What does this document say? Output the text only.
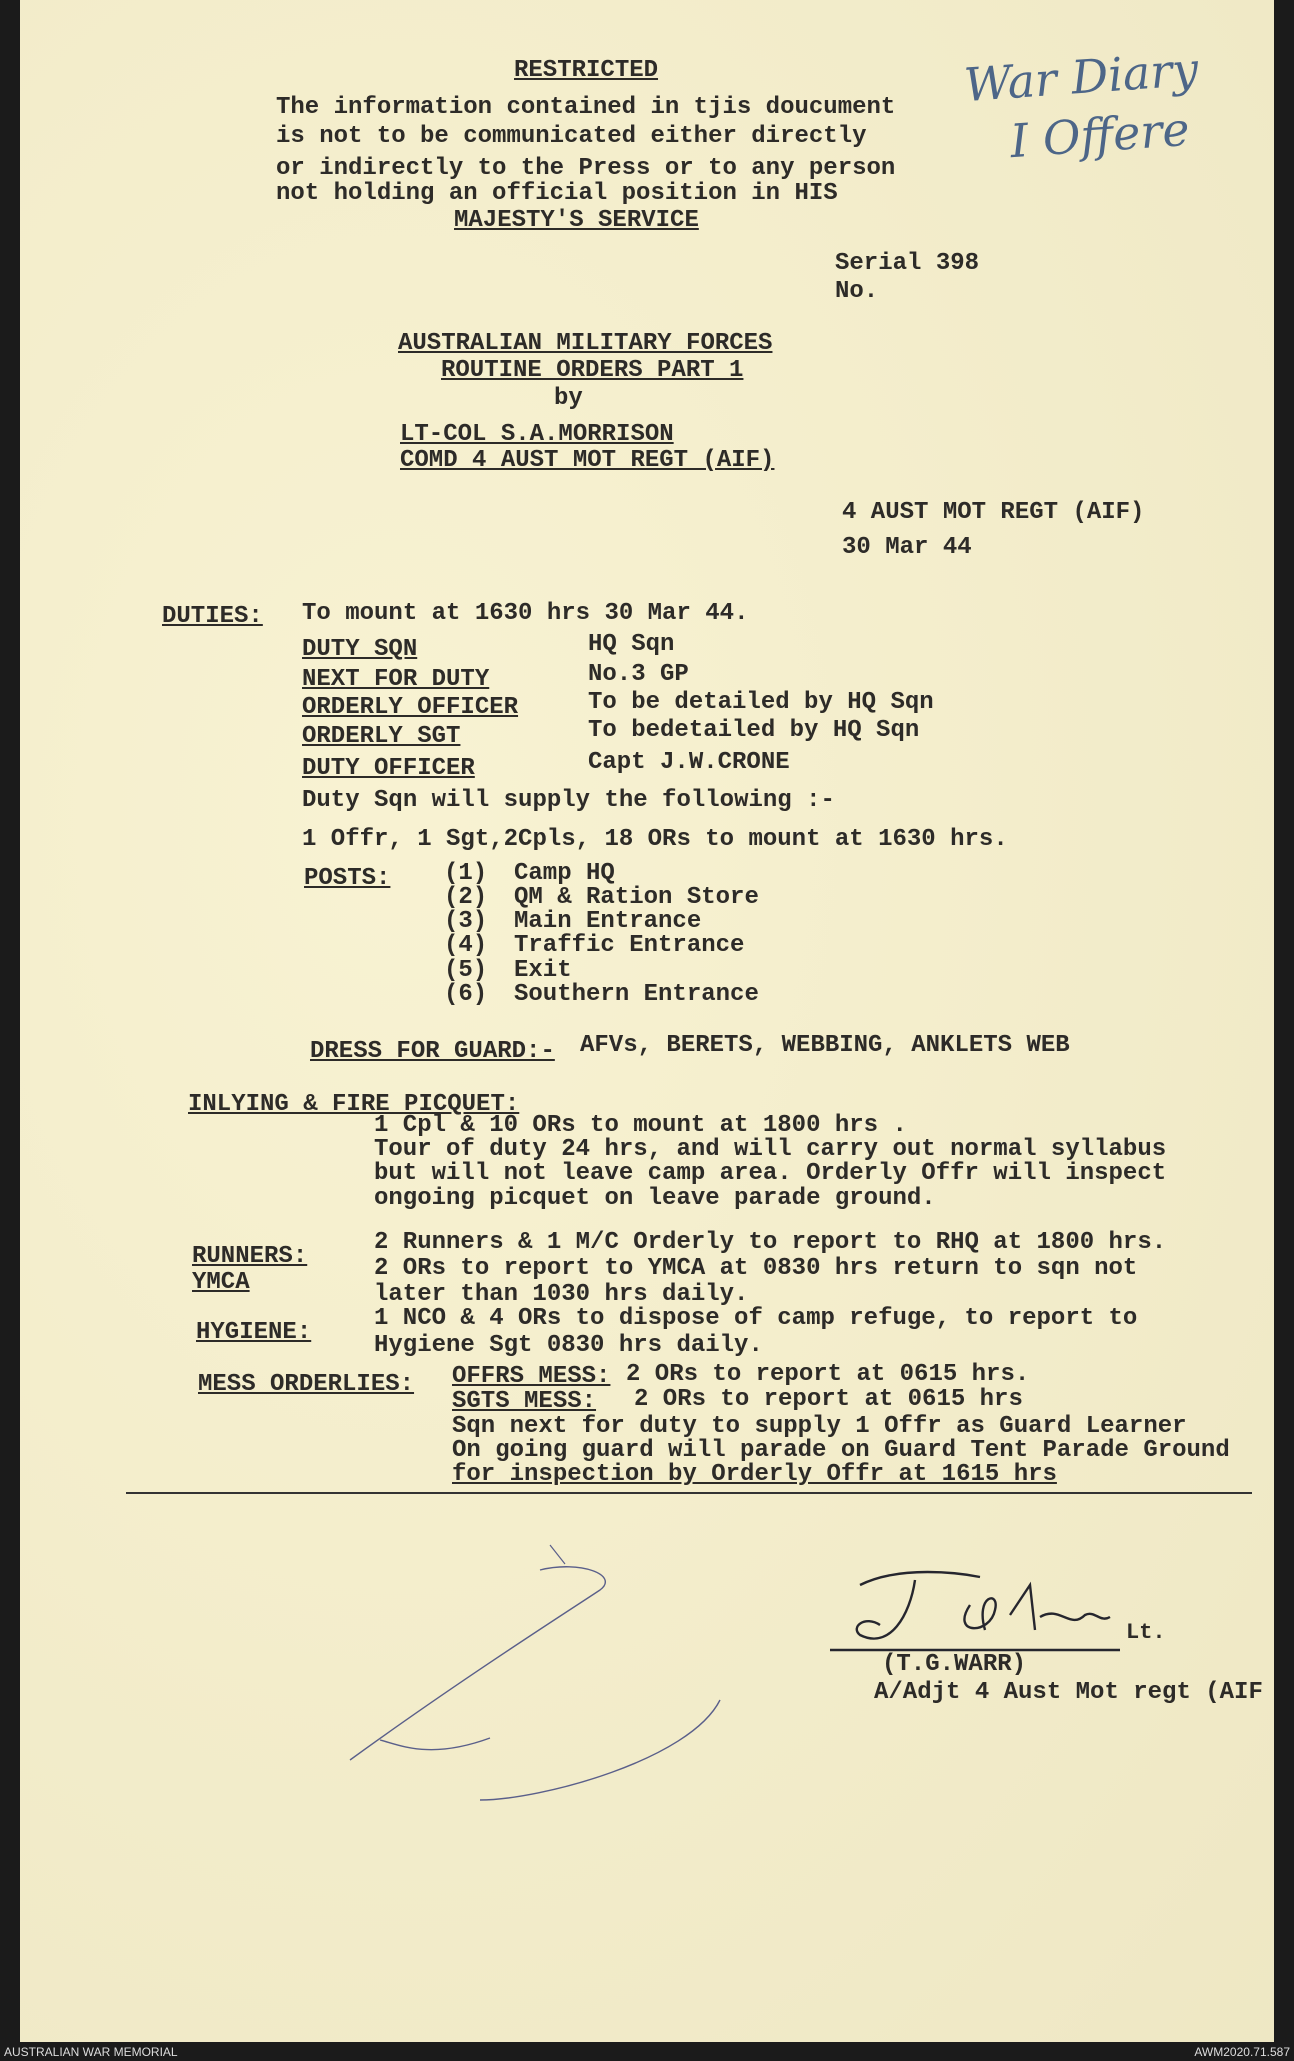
RESTRICTED
The information contained in tjis doucument
is not to be communicated either directly
or indirectly to the Press or to any person
not holding an official position in HIS
MAJESTY'S SERVICE
War Diary
I Offere
Serial 398
No.
AUSTRALIAN MILITARY FORCES
ROUTINE ORDERS PART 1
by
LT-COL S.A.MORRISON
COMD 4 AUST MOT REGT (AIF)
4 AUST MOT REGT (AIF)
30 Mar 44
DUTIES: To mount at 1630 hrs 30 Mar 44.
DUTY SQN	HQ Sqn
NEXT FOR DUTY	No.3 GP
ORDERLY OFFICER	To be detailed by HQ Sqn
ORDERLY SGT	To bedetailed by HQ Sqn
DUTY OFFICER	Capt J.W.CRONE
Duty Sqn will supply the following :-
1 Offr, 1 Sgt,2Cpls, 18 ORs to mount at 1630 hrs.
POSTS: (1) Camp HQ
(2) QM & Ration Store
(3) Main Entrance
(4) Traffic Entrance
(5) Exit
(6) Southern Entrance
DRESS FOR GUARD:- AFVs, BERETS, WEBBING, ANKLETS WEB
INLYING & FIRE PICQUET:
1 Cpl & 10 ORs to mount at 1800 hrs .
Tour of duty 24 hrs, and will carry out normal syllabus
but will not leave camp area. Orderly Offr will inspect
ongoing picquet on leave parade ground.
RUNNERS:
2 Runners & 1 M/C Orderly to report to RHQ at 1800 hrs.
YMCA
2 ORs to report to YMCA at 0830 hrs return to sqn not
later than 1030 hrs daily.
HYGIENE:
1 NCO & 4 ORs to dispose of camp refuge, to report to
Hygiene Sgt 0830 hrs daily.
MESS ORDERLIES: OFFRS MESS: 2 ORs to report at 0615 hrs.
SGTS MESS: 2 ORs to report at 0615 hrs
Sqn next for duty to supply 1 Offr as Guard Learner
On going guard will parade on Guard Tent Parade Ground
for inspection by Orderly Offr at 1615 hrs
Lt.
(T.G.WARR)
A/Adjt 4 Aust Mot regt (AIF
AUSTRALIAN WAR MEMORIAL	AWM2020.71.587
